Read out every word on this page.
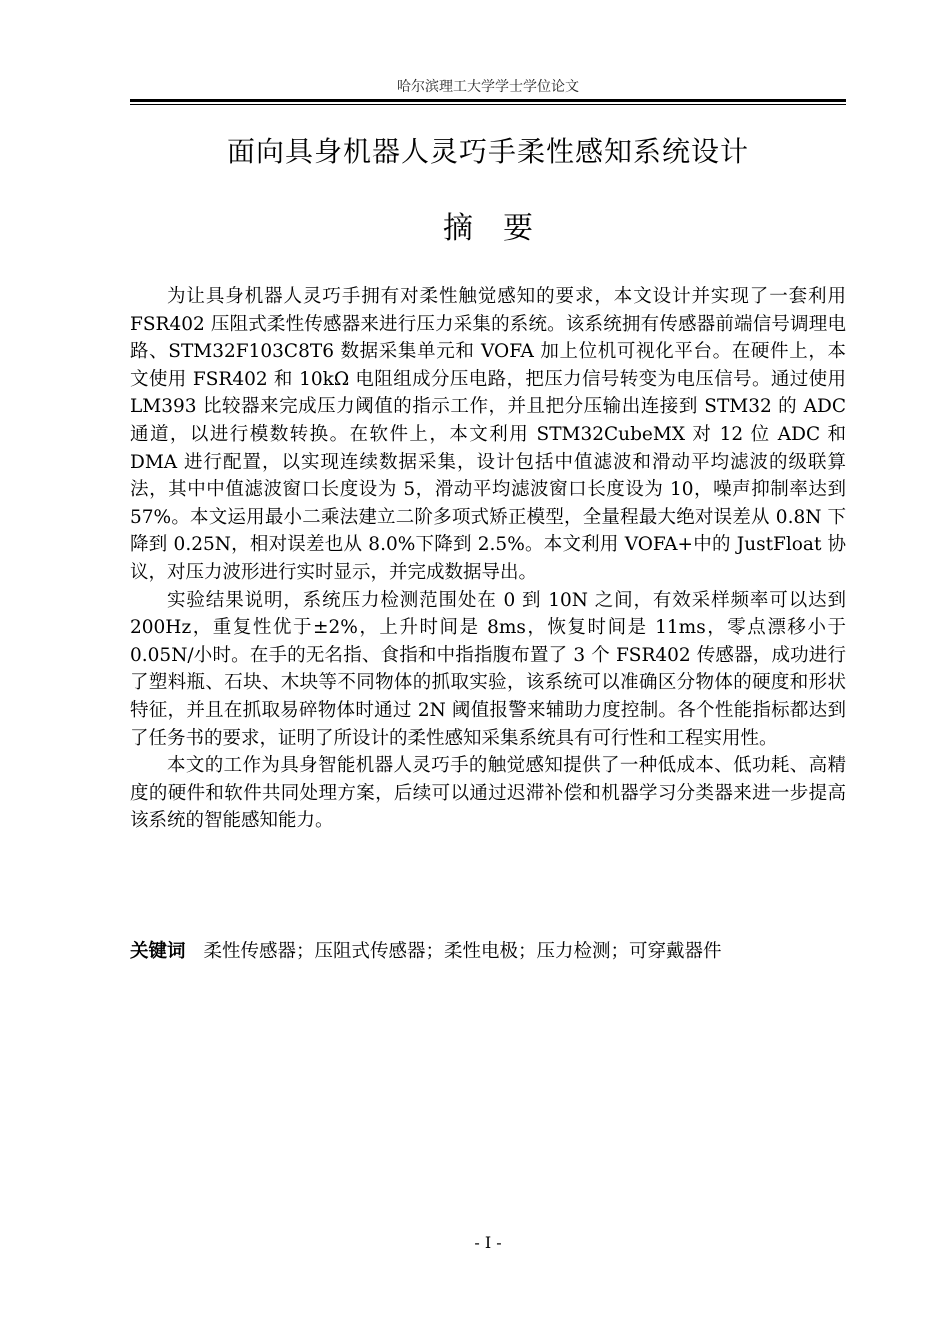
哈尔滨理工大学学士学位论文
面向具身机器人灵巧手柔性感知系统设计
摘要

为让具身机器人灵巧手拥有对柔性触觉感知的要求，本文设计并实现了一套利用 FSR402 压阻式柔性传感器来进行压力采集的系统。该系统拥有传感器前端信号调理电路、STM32F103C8T6 数据采集单元和 VOFA 加上位机可视化平台。在硬件上，本文使用 FSR402 和 10kΩ 电阻组成分压电路，把压力信号转变为电压信号。通过使用 LM393 比较器来完成压力阈值的指示工作，并且把分压输出连接到 STM32 的 ADC 通道，以进行模数转换。在软件上，本文利用 STM32CubeMX 对 12 位 ADC 和 DMA 进行配置，以实现连续数据采集，设计包括中值滤波和滑动平均滤波的级联算法，其中中值滤波窗口长度设为 5，滑动平均滤波窗口长度设为 10，噪声抑制率达到 57%。本文运用最小二乘法建立二阶多项式矫正模型，全量程最大绝对误差从 0.8N 下降到 0.25N，相对误差也从 8.0%下降到 2.5%。本文利用 VOFA+中的 JustFloat 协议，对压力波形进行实时显示，并完成数据导出。

实验结果说明，系统压力检测范围处在 0 到 10N 之间，有效采样频率可以达到 200Hz，重复性优于±2%，上升时间是 8ms，恢复时间是 11ms，零点漂移小于 0.05N/小时。在手的无名指、食指和中指指腹布置了 3 个 FSR402 传感器，成功进行了塑料瓶、石块、木块等不同物体的抓取实验，该系统可以准确区分物体的硬度和形状特征，并且在抓取易碎物体时通过 2N 阈值报警来辅助力度控制。各个性能指标都达到了任务书的要求，证明了所设计的柔性感知采集系统具有可行性和工程实用性。

本文的工作为具身智能机器人灵巧手的触觉感知提供了一种低成本、低功耗、高精度的硬件和软件共同处理方案，后续可以通过迟滞补偿和机器学习分类器来进一步提高该系统的智能感知能力。

关键词 柔性传感器；压阻式传感器；柔性电极；压力检测；可穿戴器件
- I -
